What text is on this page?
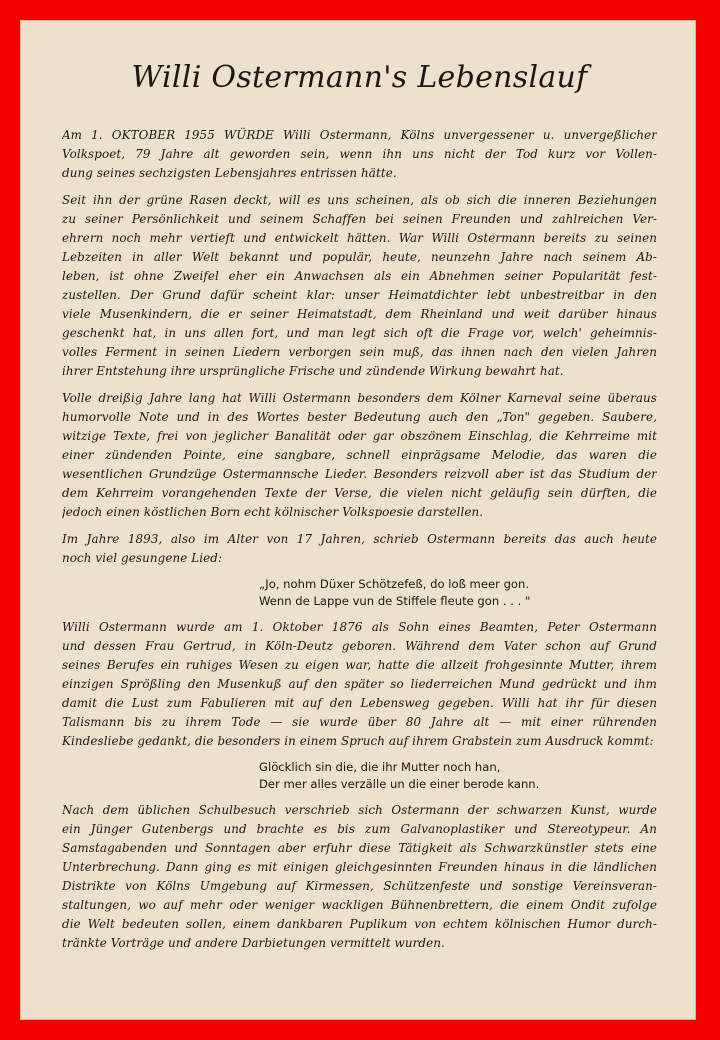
Willi Ostermann's Lebenslauf

Am 1. OKTOBER 1955 WÜRDE Willi Ostermann, Kölns unvergessener u. unvergeßlicher
Volkspoet, 79 Jahre alt geworden sein, wenn ihn uns nicht der Tod kurz vor Vollen-
dung seines sechzigsten Lebensjahres entrissen hätte.

Seit ihn der grüne Rasen deckt, will es uns scheinen, als ob sich die inneren Beziehungen
zu seiner Persönlichkeit und seinem Schaffen bei seinen Freunden und zahlreichen Ver-
ehrern noch mehr vertieft und entwickelt hätten. War Willi Ostermann bereits zu seinen
Lebzeiten in aller Welt bekannt und populär, heute, neunzehn Jahre nach seinem Ab-
leben, ist ohne Zweifel eher ein Anwachsen als ein Abnehmen seiner Popularität fest-
zustellen. Der Grund dafür scheint klar: unser Heimatdichter lebt unbestreitbar in den
viele Musenkindern, die er seiner Heimatstadt, dem Rheinland und weit darüber hinaus
geschenkt hat, in uns allen fort, und man legt sich oft die Frage vor, welch' geheimnis-
volles Ferment in seinen Liedern verborgen sein muß, das ihnen nach den vielen Jahren
ihrer Entstehung ihre ursprüngliche Frische und zündende Wirkung bewahrt hat.

Volle dreißig Jahre lang hat Willi Ostermann besonders dem Kölner Karneval seine überaus
humorvolle Note und in des Wortes bester Bedeutung auch den „Ton" gegeben. Saubere,
witzige Texte, frei von jeglicher Banalität oder gar obszönem Einschlag, die Kehrreime mit
einer zündenden Pointe, eine sangbare, schnell einprägsame Melodie, das waren die
wesentlichen Grundzüge Ostermannsche Lieder. Besonders reizvoll aber ist das Studium der
dem Kehrreim vorangehenden Texte der Verse, die vielen nicht geläufig sein dürften, die
jedoch einen köstlichen Born echt kölnischer Volkspoesie darstellen.

Im Jahre 1893, also im Alter von 17 Jahren, schrieb Ostermann bereits das auch heute
noch viel gesungene Lied:

„Jo, nohm Düxer Schötzefeß, do loß meer gon.
Wenn de Lappe vun de Stiffele fleute gon . . . "

Willi Ostermann wurde am 1. Oktober 1876 als Sohn eines Beamten, Peter Ostermann
und dessen Frau Gertrud, in Köln-Deutz geboren. Während dem Vater schon auf Grund
seines Berufes ein ruhiges Wesen zu eigen war, hatte die allzeit frohgesinnte Mutter, ihrem
einzigen Sprößling den Musenkuß auf den später so liederreichen Mund gedrückt und ihm
damit die Lust zum Fabulieren mit auf den Lebensweg gegeben. Willi hat ihr für diesen
Talismann bis zu ihrem Tode — sie wurde über 80 Jahre alt — mit einer rührenden
Kindesliebe gedankt, die besonders in einem Spruch auf ihrem Grabstein zum Ausdruck kommt:

Glöcklich sin die, die ihr Mutter noch han,
Der mer alles verzälle un die einer berode kann.

Nach dem üblichen Schulbesuch verschrieb sich Ostermann der schwarzen Kunst, wurde
ein Jünger Gutenbergs und brachte es bis zum Galvanoplastiker und Stereotypeur. An
Samstagabenden und Sonntagen aber erfuhr diese Tätigkeit als Schwarzkünstler stets eine
Unterbrechung. Dann ging es mit einigen gleichgesinnten Freunden hinaus in die ländlichen
Distrikte von Kölns Umgebung auf Kirmessen, Schützenfeste und sonstige Vereinsveran-
staltungen, wo auf mehr oder weniger wackligen Bühnenbrettern, die einem Ondit zufolge
die Welt bedeuten sollen, einem dankbaren Puplikum von echtem kölnischen Humor durch-
tränkte Vorträge und andere Darbietungen vermittelt wurden.
